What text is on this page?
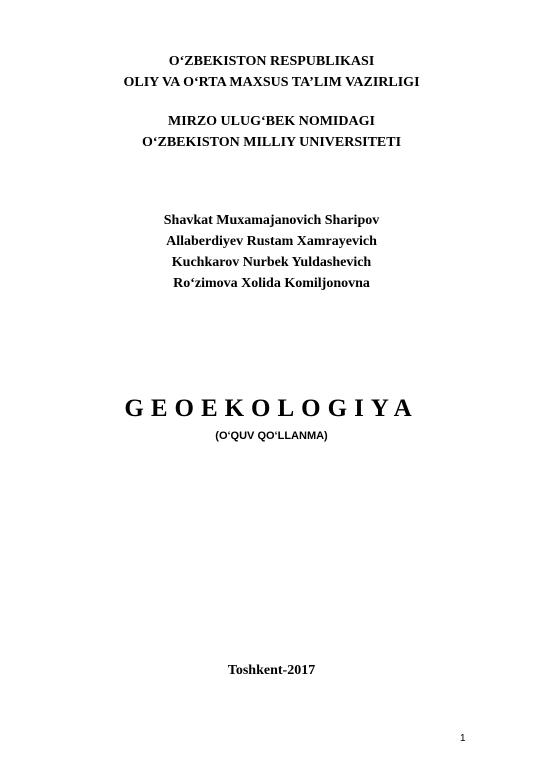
O‘ZBEKISTON RESPUBLIKASI
OLIY VA O‘RTA MAXSUS TA’LIM VAZIRLIGI
MIRZO ULUG‘BEK NOMIDAGI
O‘ZBEKISTON MILLIY UNIVERSITETI
Shavkat Muxamajanovich Sharipov
Allaberdiyev Rustam Xamrayevich
Kuchkarov Nurbek Yuldashevich
Ro‘zimova Xolida Komiljonovna
GEOEKOLOGIYA
(O‘QUV QO‘LLANMA)
Toshkent-2017
1
